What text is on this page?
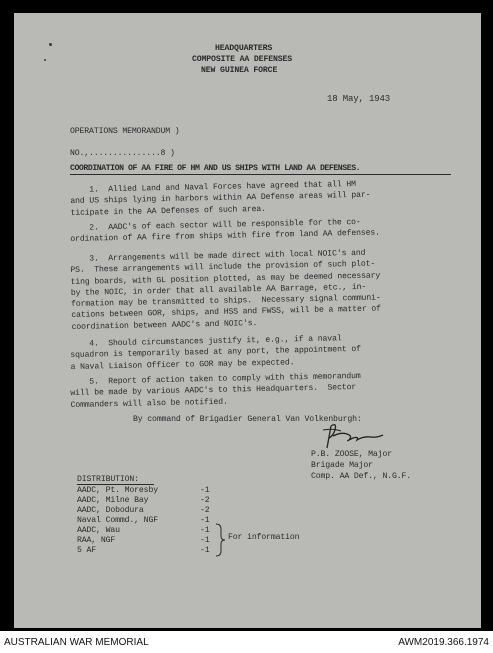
HEADQUARTERS
COMPOSITE AA DEFENSES
NEW GUINEA FORCE
18 May, 1943
OPERATIONS MEMORANDUM )
NO.,...............8 )
COORDINATION OF AA FIRE OF HM AND US SHIPS WITH LAND AA DEFENSES.
1.  Allied Land and Naval Forces have agreed that all HM
and US ships lying in harbors within AA Defense areas will par-
ticipate in the AA Defenses of such area.
2.  AADC's of each sector will be responsible for the co-
ordination of AA fire from ships with fire from land AA defenses.
3.  Arrangements will be made direct with local NOIC's and
PS.  These arrangements will include the provision of such plot-
ting boards, with GL position plotted, as may be deemed necessary
by the NOIC, in order that all available AA Barrage, etc., in-
formation may be transmitted to ships.  Necessary signal communi-
cations between GOR, ships, and HSS and FWSS, will be a matter of
coordination between AADC's and NOIC's.
4.  Should circumstances justify it, e.g., if a naval
squadron is temporarily based at any port, the appointment of
a Naval Liaison Officer to GOR may be expected.
5.  Report of action taken to comply with this memorandum
will be made by various AADC's to this Headquarters.  Sector
Commanders will also be notified.
By command of Brigadier General Van Volkenburgh:
P.B. ZOOSE, Major
Brigade Major
Comp. AA Def., N.G.F.
DISTRIBUTION:
AADC, Pt. Moresby	-1
AADC, Milne Bay	-2
AADC, Dobodura	-2
Naval Commd., NGF	-1
AADC, Wau	-1
RAA, NGF	-1
5 AF	-1
For information
AUSTRALIAN WAR MEMORIAL	AWM2019.366.1974
